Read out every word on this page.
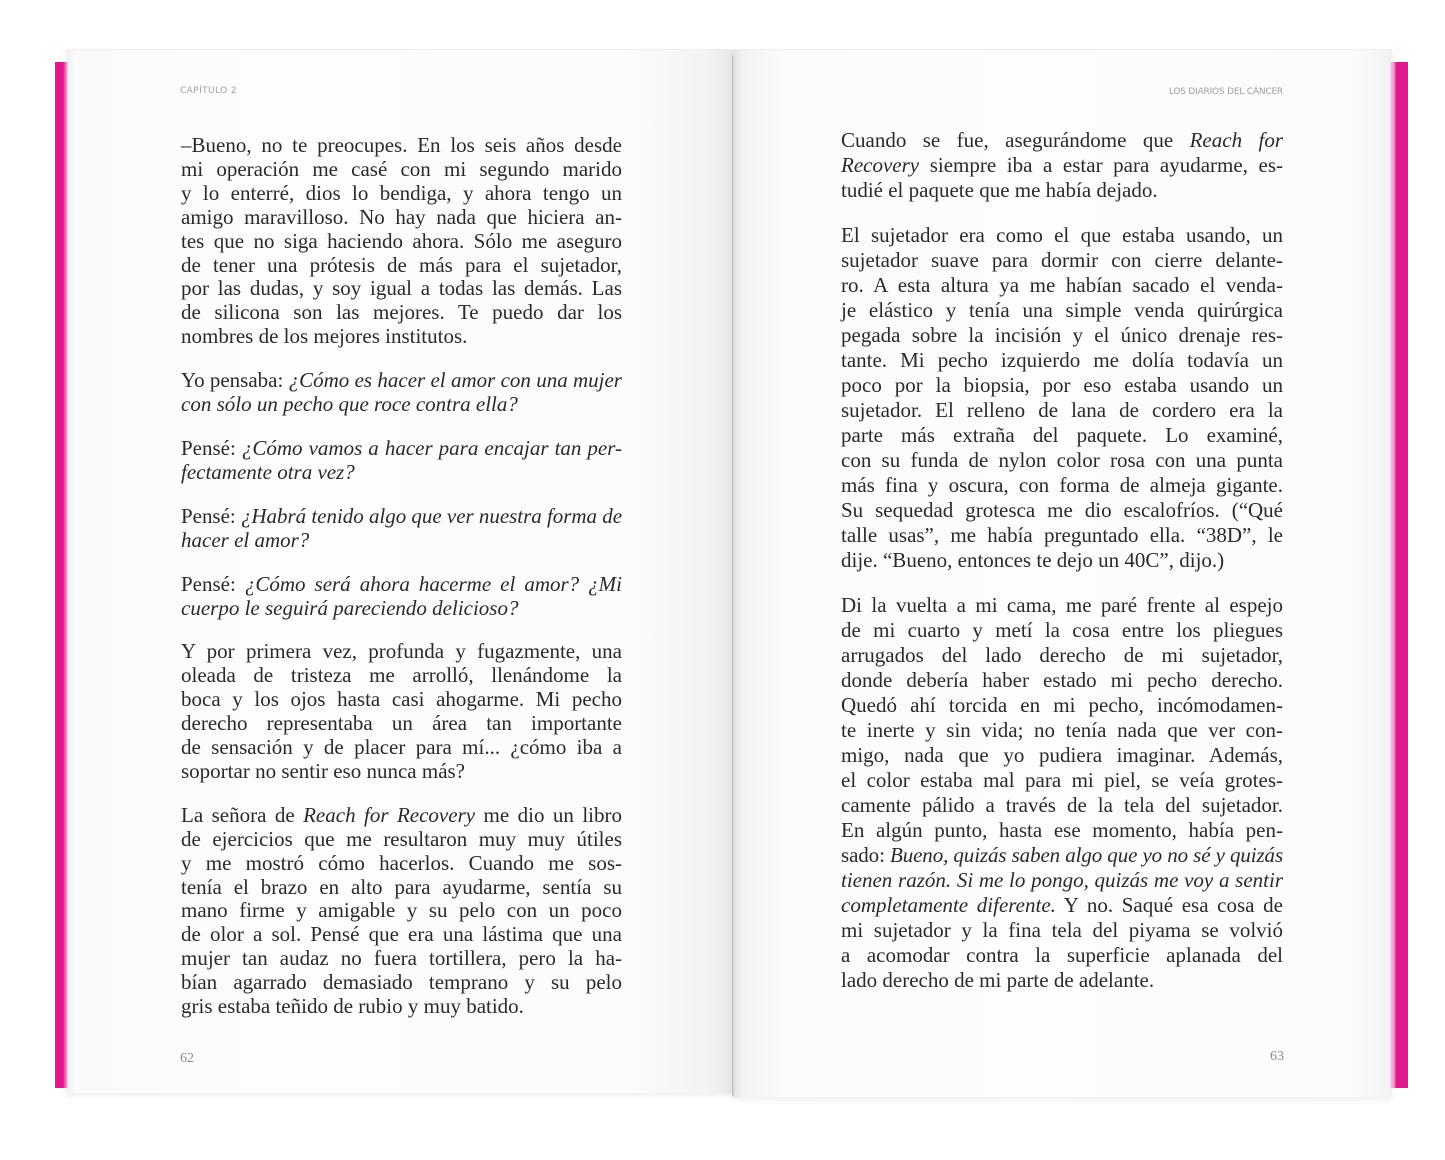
CAPÍTULO 2
–Bueno, no te preocupes. En los seis años desde
mi operación me casé con mi segundo marido
y lo enterré, dios lo bendiga, y ahora tengo un
amigo maravilloso. No hay nada que hiciera an-
tes que no siga haciendo ahora. Sólo me aseguro
de tener una prótesis de más para el sujetador,
por las dudas, y soy igual a todas las demás. Las
de silicona son las mejores. Te puedo dar los
nombres de los mejores institutos.
Yo pensaba: ¿Cómo es hacer el amor con una mujer
con sólo un pecho que roce contra ella?
Pensé: ¿Cómo vamos a hacer para encajar tan per-
fectamente otra vez?
Pensé: ¿Habrá tenido algo que ver nuestra forma de
hacer el amor?
Pensé: ¿Cómo será ahora hacerme el amor? ¿Mi
cuerpo le seguirá pareciendo delicioso?
Y por primera vez, profunda y fugazmente, una
oleada de tristeza me arrolló, llenándome la
boca y los ojos hasta casi ahogarme. Mi pecho
derecho representaba un área tan importante
de sensación y de placer para mí... ¿cómo iba a
soportar no sentir eso nunca más?
La señora de Reach for Recovery me dio un libro
de ejercicios que me resultaron muy muy útiles
y me mostró cómo hacerlos. Cuando me sos-
tenía el brazo en alto para ayudarme, sentía su
mano firme y amigable y su pelo con un poco
de olor a sol. Pensé que era una lástima que una
mujer tan audaz no fuera tortillera, pero la ha-
bían agarrado demasiado temprano y su pelo
gris estaba teñido de rubio y muy batido.
62
LOS DIARIOS DEL CÁNCER
Cuando se fue, asegurándome que Reach for
Recovery siempre iba a estar para ayudarme, es-
tudié el paquete que me había dejado.
El sujetador era como el que estaba usando, un
sujetador suave para dormir con cierre delante-
ro. A esta altura ya me habían sacado el venda-
je elástico y tenía una simple venda quirúrgica
pegada sobre la incisión y el único drenaje res-
tante. Mi pecho izquierdo me dolía todavía un
poco por la biopsia, por eso estaba usando un
sujetador. El relleno de lana de cordero era la
parte más extraña del paquete. Lo examiné,
con su funda de nylon color rosa con una punta
más fina y oscura, con forma de almeja gigante.
Su sequedad grotesca me dio escalofríos. (“Qué
talle usas”, me había preguntado ella. “38D”, le
dije. “Bueno, entonces te dejo un 40C”, dijo.)
Di la vuelta a mi cama, me paré frente al espejo
de mi cuarto y metí la cosa entre los pliegues
arrugados del lado derecho de mi sujetador,
donde debería haber estado mi pecho derecho.
Quedó ahí torcida en mi pecho, incómodamen-
te inerte y sin vida; no tenía nada que ver con-
migo, nada que yo pudiera imaginar. Además,
el color estaba mal para mi piel, se veía grotes-
camente pálido a través de la tela del sujetador.
En algún punto, hasta ese momento, había pen-
sado: Bueno, quizás saben algo que yo no sé y quizás
tienen razón. Si me lo pongo, quizás me voy a sentir
completamente diferente. Y no. Saqué esa cosa de
mi sujetador y la fina tela del piyama se volvió
a acomodar contra la superficie aplanada del
lado derecho de mi parte de adelante.
63
